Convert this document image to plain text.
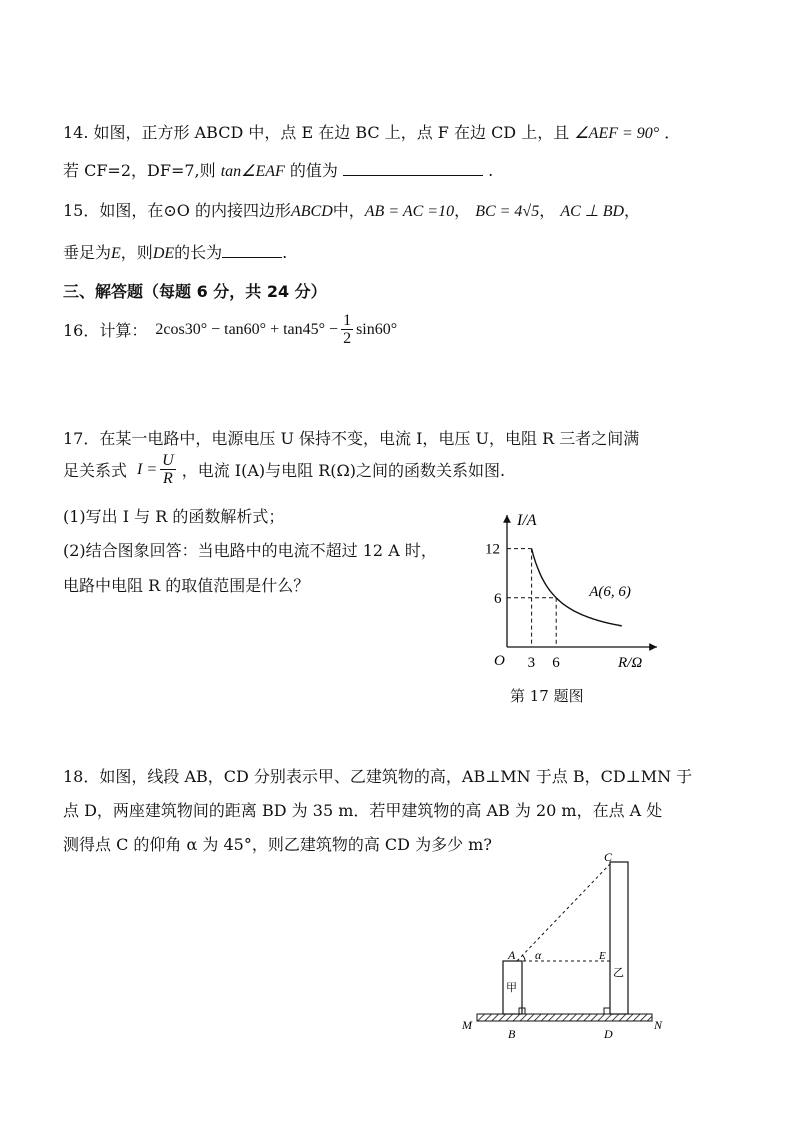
14. 如图，正方形 ABCD 中，点 E 在边 BC 上，点 F 在边 CD 上，且 ∠AEF = 90° ．
若 CF=2，DF=7,则 tan∠EAF 的值为	.
15．如图，在⊙O 的内接四边形ABCD中，AB = AC =10， BC = 4√5， AC ⊥ BD，
垂足为E，则DE的长为	.
三、解答题（每题 6 分，共 24 分）
16．计算： $2\cos 30^\circ - \tan 60^\circ + \tan 45^\circ - \frac{1}{2} \sin 60^\circ$
17．在某一电路中，电源电压 U 保持不变，电流 I，电压 U，电阻 R 三者之间满
足关系式 $I = \frac{U}{R}$ ，电流 I(A)与电阻 R(Ω)之间的函数关系如图.
(1)写出 I 与 R 的函数解析式；
(2)结合图象回答：当电路中的电流不超过 12 A 时，
电路中电阻 R 的取值范围是什么？
I/A
R/Ω
O
12
6
3 6
A(6, 6)
第 17 题图
18．如图，线段 AB，CD 分别表示甲、乙建筑物的高，AB⊥MN 于点 B，CD⊥MN 于
点 D，两座建筑物间的距离 BD 为 35 m．若甲建筑物的高 AB 为 20 m，在点 A 处
测得点 C 的仰角 α 为 45°，则乙建筑物的高 CD 为多少 m?
C
A	E
α
B	D
M	N
甲
乙
